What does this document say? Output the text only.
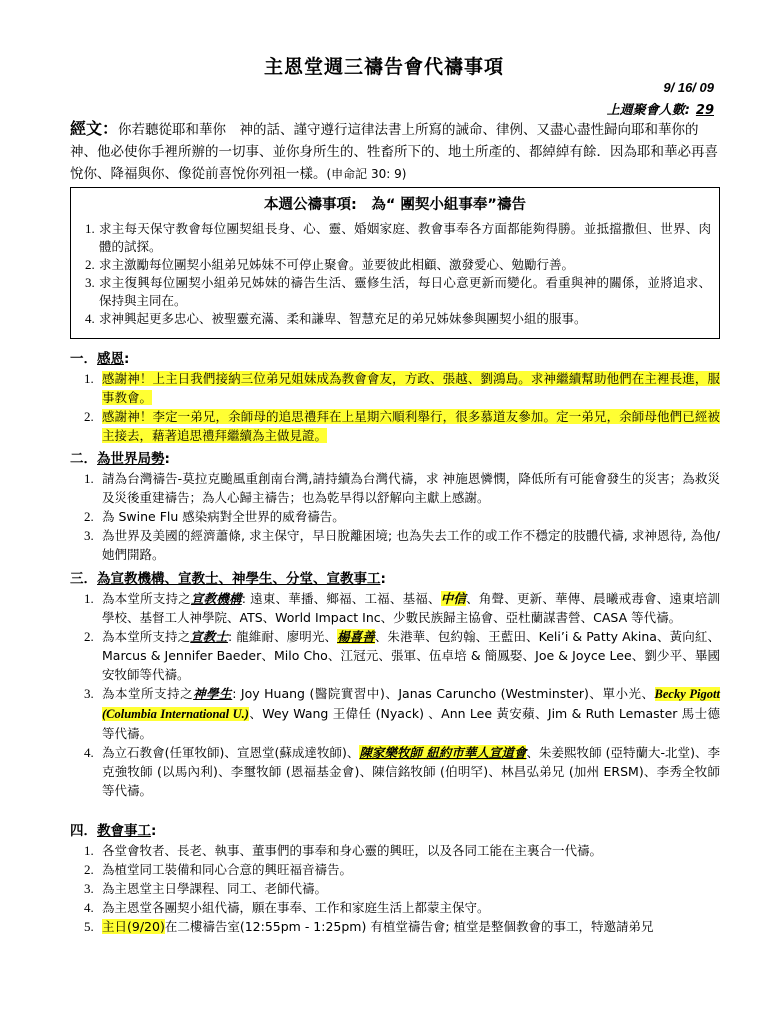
主恩堂週三禱告會代禱事項
9/ 16/ 09
上週聚會人數: 29
經文：你若聽從耶和華你　神的話、謹守遵行這律法書上所寫的誡命、律例、又盡心盡性歸向耶和華你的　神、他必使你手裡所辦的一切事、並你身所生的、牲畜所下的、地土所產的、都綽綽有餘．因為耶和華必再喜悅你、降福與你、像從前喜悅你列祖一樣。(申命記 30: 9)
本週公禱事項:　為“ 團契小組事奉”禱告
1. 求主每天保守教會每位團契組長身、心、靈、婚姻家庭、教會事奉各方面都能夠得勝。並抵擋撒但、世界、肉體的試探。
2. 求主激勵每位團契小組弟兄姊妹不可停止聚會。並要彼此相顧、激發愛心、勉勵行善。
3. 求主復興每位團契小組弟兄姊妹的禱告生活、靈修生活，每日心意更新而變化。看重與神的關係，並將追求、保持與主同在。
4. 求神興起更多忠心、被聖靈充滿、柔和謙卑、智慧充足的弟兄姊妹參與團契小組的服事。
一．感恩:
1. 感謝神！上主日我們接納三位弟兄姐妹成為教會會友，方政、張越、劉鴻島。求神繼續幫助他們在主裡長進，服事教會。
2. 感謝神！李定一弟兄，余師母的追思禮拜在上星期六順利舉行，很多慕道友參加。定一弟兄，余師母他們已經被主接去，藉著追思禮拜繼續為主做見證。
二．為世界局勢:
1. 請為台灣禱告-莫拉克颱風重創南台灣,請持續為台灣代禱，求 神施恩憐憫，降低所有可能會發生的災害；為救災及災後重建禱告；為人心歸主禱告；也為乾旱得以舒解向主獻上感謝。
2. 為 Swine Flu 感染病對全世界的威脅禱告。
3. 為世界及美國的經濟蕭條, 求主保守，早日脫離困境; 也為失去工作的或工作不穩定的肢體代禱, 求神恩待, 為他/她們開路。
三．為宣教機構、宣教士、神學生、分堂、宣教事工:
1. 為本堂所支持之宣教機構: 遠東、華播、鄉福、工福、基福、中信、角聲、更新、華傳、晨曦戒毒會、遠東培訓學校、基督工人神學院、ATS、World Impact Inc、少數民族歸主協會、亞杜蘭謀書營、CASA 等代禱。
2. 為本堂所支持之宣教士: 龍維耐、廖明光、楊喜善、朱港華、包約翰、王藍田、Keli’i & Patty Akina、黃向紅、Marcus & Jennifer Baeder、Milo Cho、江冠元、張軍、伍卓培 & 簡鳳娶、Joe & Joyce Lee、劉少平、畢國安牧師等代禱。
3. 為本堂所支持之神學生: Joy Huang (醫院實習中)、Janas Carunchо (Westminster)、單小光、Becky Pigott (Columbia International U.)、Wey Wang 王偉任 (Nyack) 、Ann Lee 黃安蘋、Jim & Ruth Lemaster 馬士德等代禱。
4. 為立石教會(任軍牧師)、宣恩堂(蘇成達牧師)、陳家樂牧師 紐約市華人宣道會、朱姜熙牧師 (亞特蘭大-北堂)、李克強牧師 (以馬內利)、李璽牧師 (恩福基金會)、陳信銘牧師 (伯明罕)、林昌弘弟兄 (加州 ERSM)、李秀全牧師等代禱。
四．教會事工:
1. 各堂會牧者、長老、執事、董事們的事奉和身心靈的興旺，以及各同工能在主裏合一代禱。
2. 為植堂同工裝備和同心合意的興旺福音禱告。
3. 為主恩堂主日學課程、同工、老師代禱。
4. 為主恩堂各團契小組代禱，願在事奉、工作和家庭生活上都蒙主保守。
5. 主日(9/20)在二樓禱告室(12:55pm - 1:25pm) 有植堂禱告會; 植堂是整個教會的事工，特邀請弟兄
